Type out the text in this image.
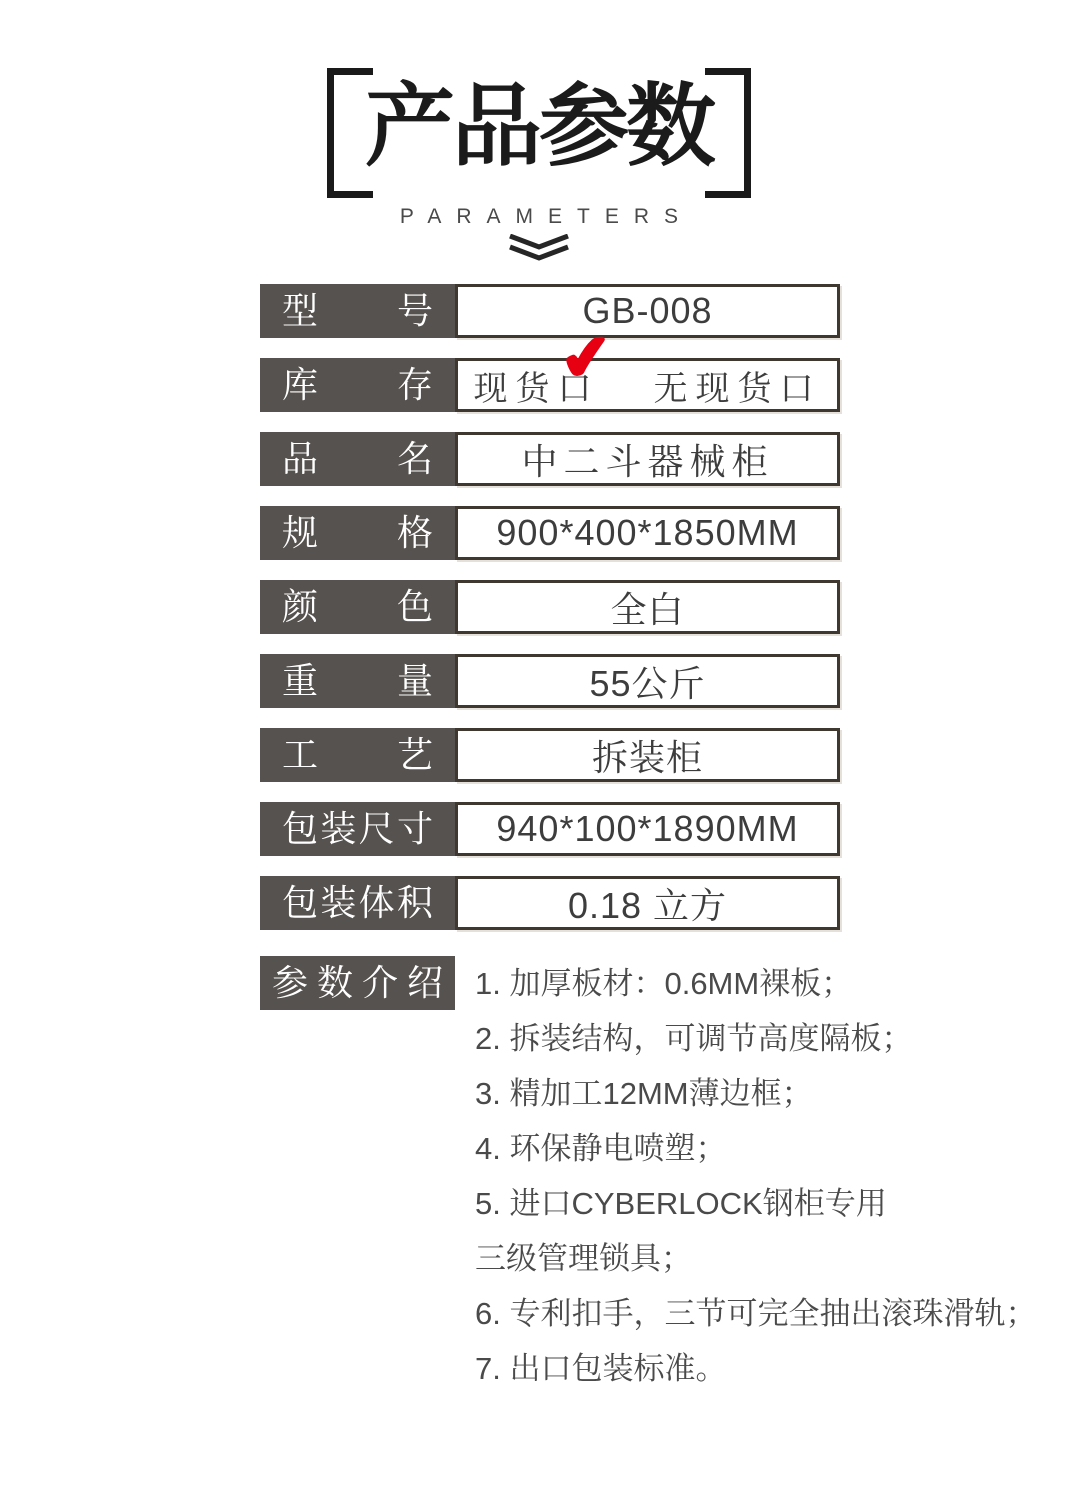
产品参数
PARAMETERS
型号	GB-008
库存	现货口
✔ 无现货口
品名	中二斗器械柜
规格	900*400*1850MM
颜色	全白
重量	55公斤
工艺	拆装柜
包装尺寸	940*100*1890MM
包装体积	0.18 立方
参数介绍	1. 加厚板材：0.6MM裸板；
2. 拆装结构，可调节高度隔板；
3. 精加工12MM薄边框；
4. 环保静电喷塑；
5. 进口CYBERLOCK钢柜专用
三级管理锁具；
6. 专利扣手，三节可完全抽出滚珠滑轨；
7. 出口包装标准。
